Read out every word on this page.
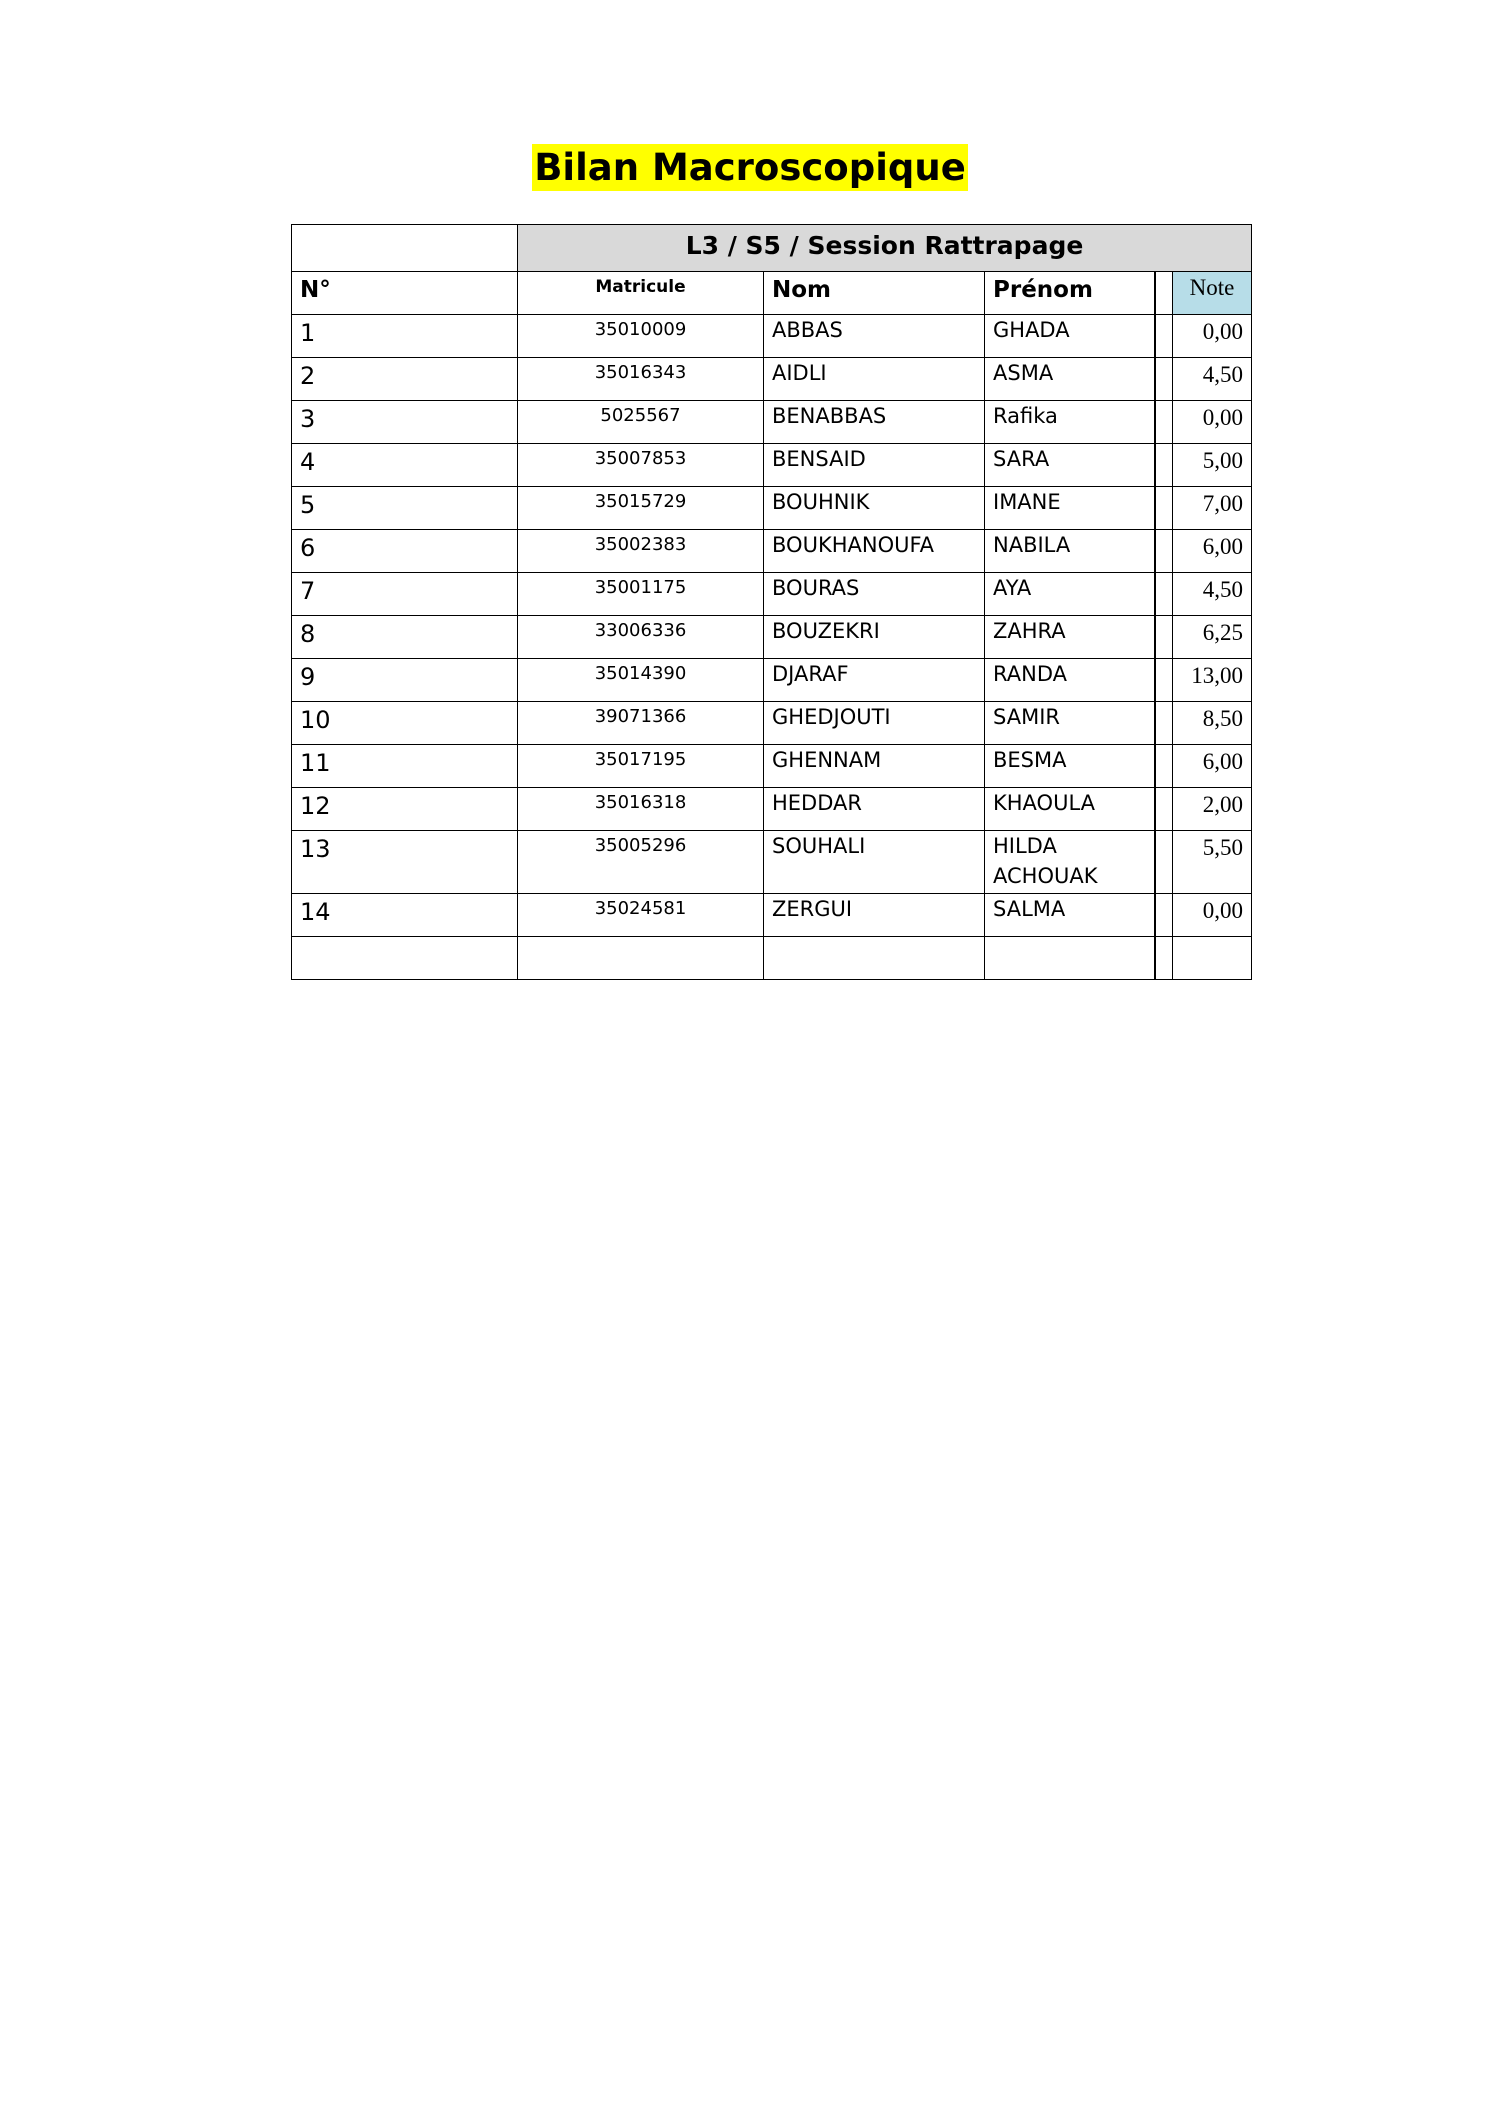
Bilan Macroscopique
	L3 / S5 / Session Rattrapage				
N°	Matricule	Nom	Prénom		Note
1	35010009	ABBAS	GHADA		0,00
2	35016343	AIDLI	ASMA		4,50
3	5025567	BENABBAS	Rafika		0,00
4	35007853	BENSAID	SARA		5,00
5	35015729	BOUHNIK	IMANE		7,00
6	35002383	BOUKHANOUFA	NABILA		6,00
7	35001175	BOURAS	AYA		4,50
8	33006336	BOUZEKRI	ZAHRA		6,25
9	35014390	DJARAF	RANDA		13,00
10	39071366	GHEDJOUTI	SAMIR		8,50
11	35017195	GHENNAM	BESMA		6,00
12	35016318	HEDDAR	KHAOULA		2,00
13	35005296	SOUHALI	HILDA ACHOUAK		5,50
14	35024581	ZERGUI	SALMA		0,00
